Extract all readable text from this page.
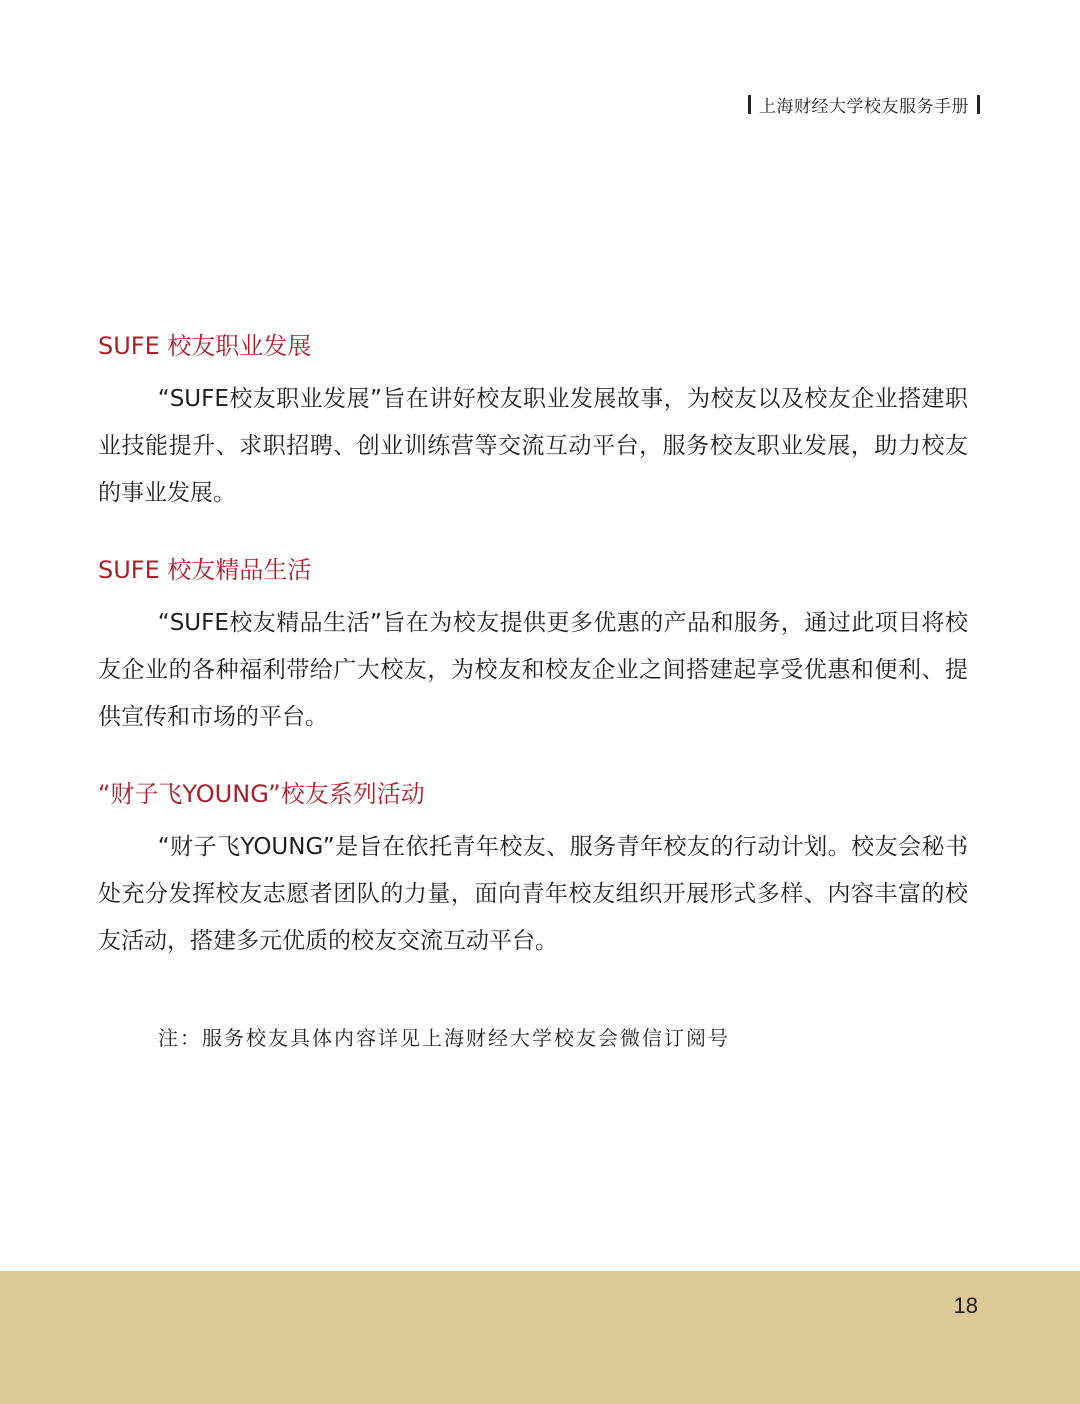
上海财经大学校友服务手册
SUFE 校友职业发展

“SUFE校友职业发展”旨在讲好校友职业发展故事，为校友以及校友企业搭建职业技能提升、求职招聘、创业训练营等交流互动平台，服务校友职业发展，助力校友的事业发展。

SUFE 校友精品生活

“SUFE校友精品生活”旨在为校友提供更多优惠的产品和服务，通过此项目将校友企业的各种福利带给广大校友，为校友和校友企业之间搭建起享受优惠和便利、提供宣传和市场的平台。

“财子飞YOUNG”校友系列活动

“财子飞YOUNG”是旨在依托青年校友、服务青年校友的行动计划。校友会秘书处充分发挥校友志愿者团队的力量，面向青年校友组织开展形式多样、内容丰富的校友活动，搭建多元优质的校友交流互动平台。

注：服务校友具体内容详见上海财经大学校友会微信订阅号
18
